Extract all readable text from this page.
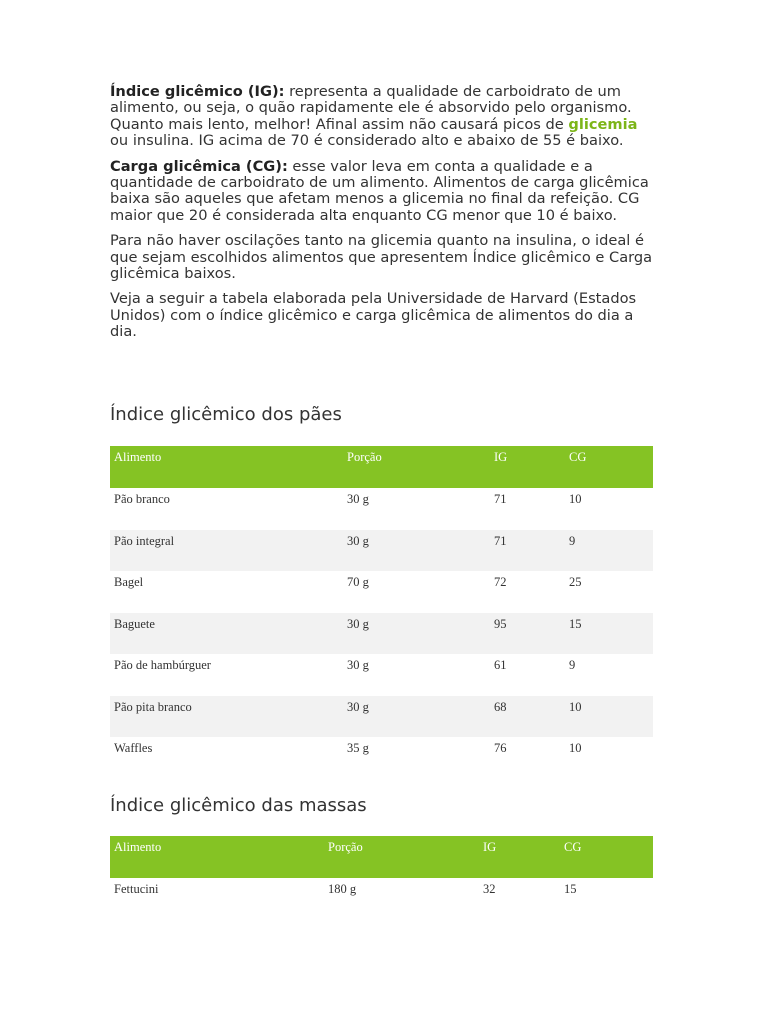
Índice glicêmico (IG): representa a qualidade de carboidrato de um alimento, ou seja, o quão rapidamente ele é absorvido pelo organismo. Quanto mais lento, melhor! Afinal assim não causará picos de glicemia ou insulina. IG acima de 70 é considerado alto e abaixo de 55 é baixo.

Carga glicêmica (CG): esse valor leva em conta a qualidade e a quantidade de carboidrato de um alimento. Alimentos de carga glicêmica baixa são aqueles que afetam menos a glicemia no final da refeição. CG maior que 20 é considerada alta enquanto CG menor que 10 é baixo.

Para não haver oscilações tanto na glicemia quanto na insulina, o ideal é que sejam escolhidos alimentos que apresentem Índice glicêmico e Carga glicêmica baixos.

Veja a seguir a tabela elaborada pela Universidade de Harvard (Estados Unidos) com o índice glicêmico e carga glicêmica de alimentos do dia a dia.

Índice glicêmico dos pães
Alimento	Porção	IG	CG
Pão branco	30 g	71	10
Pão integral	30 g	71	9
Bagel	70 g	72	25
Baguete	30 g	95	15
Pão de hambúrguer	30 g	61	9
Pão pita branco	30 g	68	10
Waffles	35 g	76	10
Índice glicêmico das massas
Alimento	Porção	IG	CG
Fettucini	180 g	32	15
